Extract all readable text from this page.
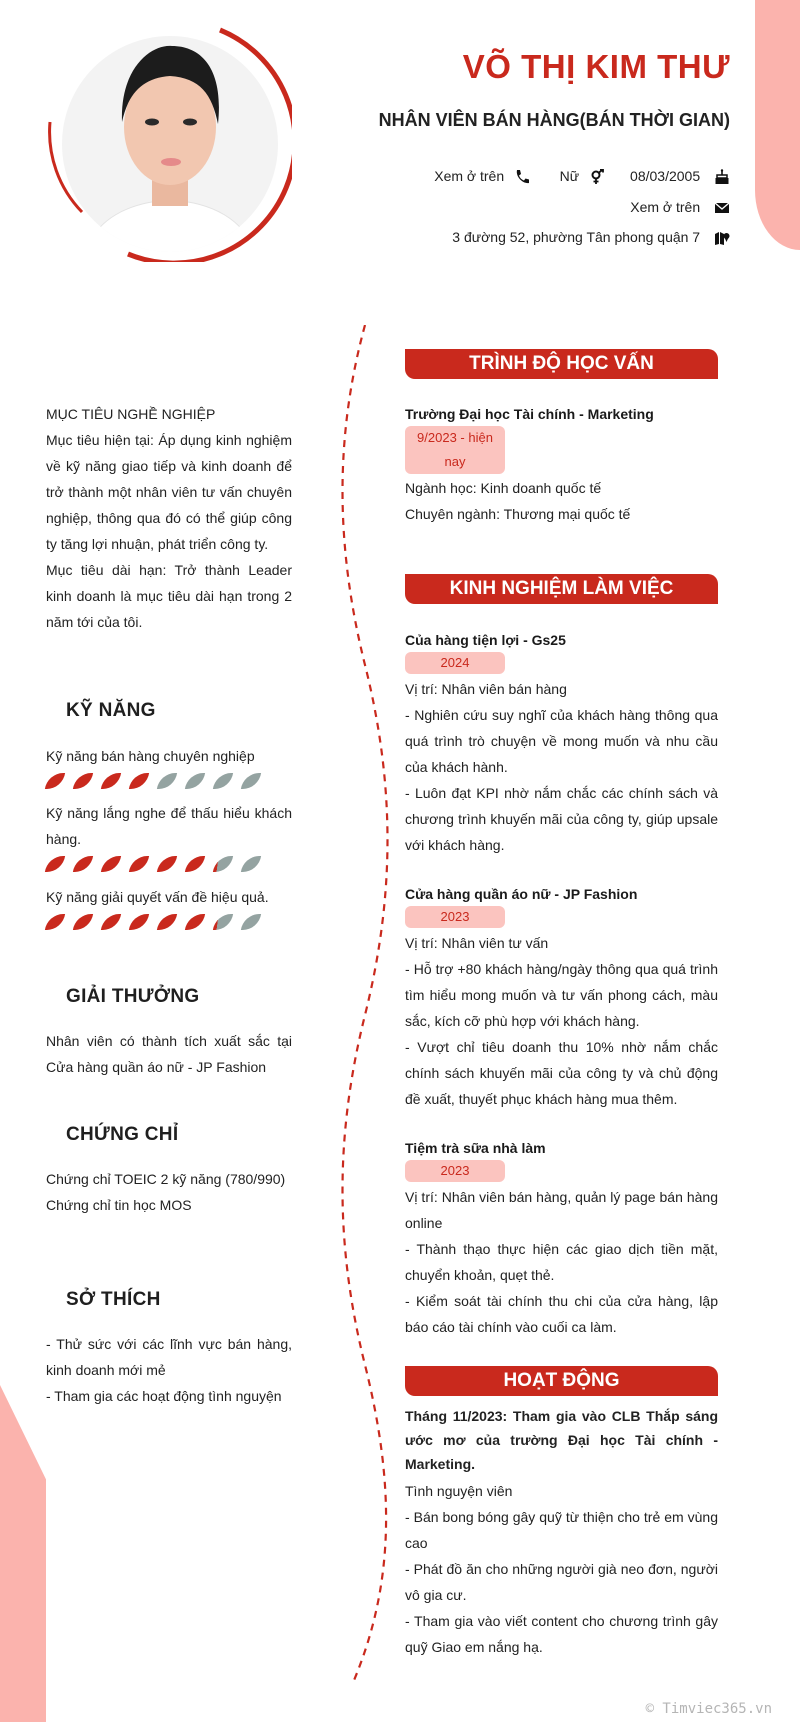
VÕ THỊ KIM THƯ
NHÂN VIÊN BÁN HÀNG(BÁN THỜI GIAN)
Xem ở trên	Nữ	08/03/2005
Xem ở trên
3 đường 52, phường Tân phong quận 7
MỤC TIÊU NGHỀ NGHIỆP
Mục tiêu hiện tại: Áp dụng kinh nghiệm về kỹ năng giao tiếp và kinh doanh để trở thành một nhân viên tư vấn chuyên nghiệp, thông qua đó có thể giúp công ty tăng lợi nhuận, phát triển công ty.
Mục tiêu dài hạn: Trở thành Leader kinh doanh là mục tiêu dài hạn trong 2 năm tới của tôi.
KỸ NĂNG
Kỹ năng bán hàng chuyên nghiệp
Kỹ năng lắng nghe để thấu hiểu khách hàng.
Kỹ năng giải quyết vấn đề hiệu quả.
GIẢI THƯỞNG
Nhân viên có thành tích xuất sắc tại Cửa hàng quần áo nữ - JP Fashion
CHỨNG CHỈ
Chứng chỉ TOEIC 2 kỹ năng (780/990)
Chứng chỉ tin học MOS
SỞ THÍCH
- Thử sức với các lĩnh vực bán hàng, kinh doanh mới mẻ
- Tham gia các hoạt động tình nguyện
TRÌNH ĐỘ HỌC VẤN
Trường Đại học Tài chính - Marketing
9/2023 - hiện nay
Ngành học: Kinh doanh quốc tế
Chuyên ngành: Thương mại quốc tế
KINH NGHIỆM LÀM VIỆC
Của hàng tiện lợi - Gs25
2024
Vị trí: Nhân viên bán hàng
- Nghiên cứu suy nghĩ của khách hàng thông qua quá trình trò chuyện về mong muốn và nhu cầu của khách hành.
- Luôn đạt KPI nhờ nắm chắc các chính sách và chương trình khuyến mãi của công ty, giúp upsale với khách hàng.
Cửa hàng quần áo nữ - JP Fashion
2023
Vị trí: Nhân viên tư vấn
- Hỗ trợ +80 khách hàng/ngày thông qua quá trình tìm hiểu mong muốn và tư vấn phong cách, màu sắc, kích cỡ phù hợp với khách hàng.
- Vượt chỉ tiêu doanh thu 10% nhờ nắm chắc chính sách khuyến mãi của công ty và chủ động đề xuất, thuyết phục khách hàng mua thêm.
Tiệm trà sữa nhà làm
2023
Vị trí: Nhân viên bán hàng, quản lý page bán hàng online
- Thành thạo thực hiện các giao dịch tiền mặt, chuyển khoản, quẹt thẻ.
- Kiểm soát tài chính thu chi của cửa hàng, lập báo cáo tài chính vào cuối ca làm.
HOẠT ĐỘNG
Tháng 11/2023: Tham gia vào CLB Thắp sáng ước mơ của trường Đại học Tài chính - Marketing.
Tình nguyện viên
- Bán bong bóng gây quỹ từ thiện cho trẻ em vùng cao
- Phát đồ ăn cho những người già neo đơn, người vô gia cư.
- Tham gia vào viết content cho chương trình gây quỹ Giao em nắng hạ.
© Timviec365.vn
